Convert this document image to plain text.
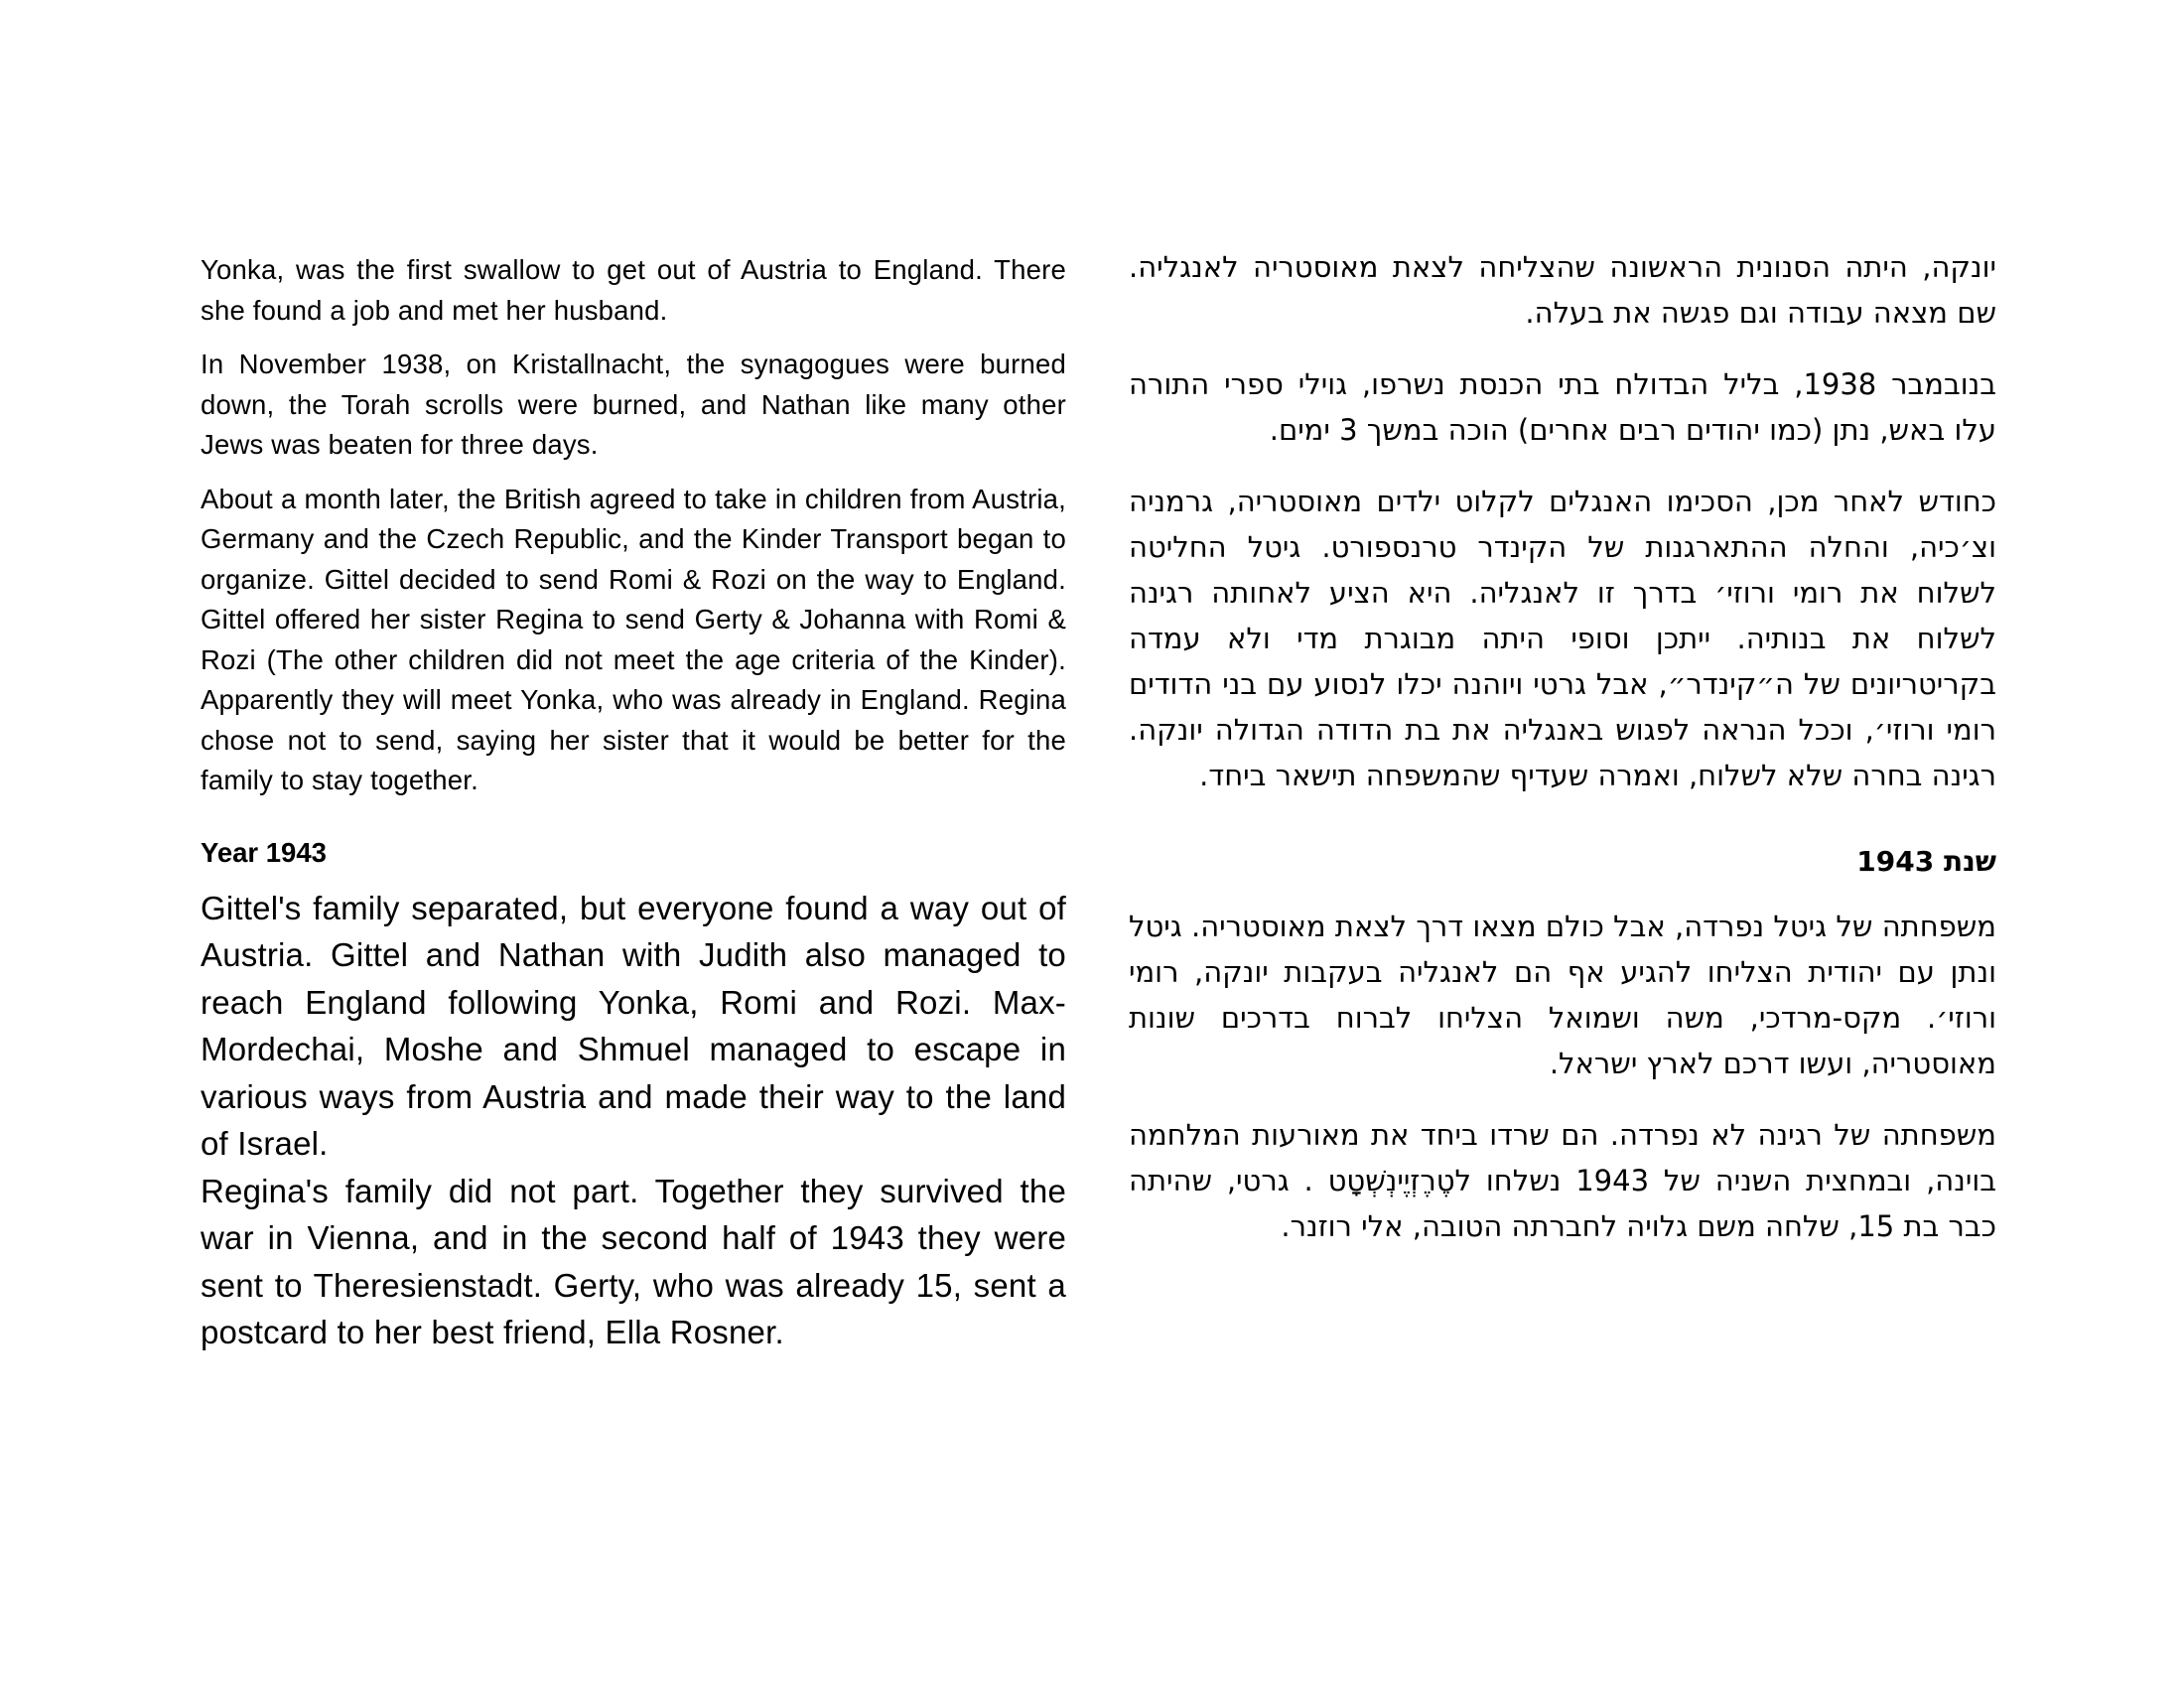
Yonka, was the first swallow to get out of Austria to England. There she found a job and met her husband.

In November 1938, on Kristallnacht, the synagogues were burned down, the Torah scrolls were burned, and Nathan like many other Jews was beaten for three days.

About a month later, the British agreed to take in children from Austria, Germany and the Czech Republic, and the Kinder Transport began to organize. Gittel decided to send Romi & Rozi on the way to England. Gittel offered her sister Regina to send Gerty & Johanna with Romi & Rozi (The other children did not meet the age criteria of the Kinder). Apparently they will meet Yonka, who was already in England. Regina chose not to send, saying her sister that it would be better for the family to stay together.

Year 1943

Gittel's family separated, but everyone found a way out of Austria. Gittel and Nathan with Judith also managed to reach England following Yonka, Romi and Rozi. Max-Mordechai, Moshe and Shmuel managed to escape in various ways from Austria and made their way to the land of Israel.

Regina's family did not part. Together they survived the war in Vienna, and in the second half of 1943 they were sent to Theresienstadt. Gerty, who was already 15, sent a postcard to her best friend, Ella Rosner.

יונקה, היתה הסנונית הראשונה שהצליחה לצאת מאוסטריה לאנגליה. שם מצאה עבודה וגם פגשה את בעלה.

בנובמבר 1938, בליל הבדולח בתי הכנסת נשרפו, גוילי ספרי התורה עלו באש, נתן (כמו יהודים רבים אחרים) הוכה במשך 3 ימים.

כחודש לאחר מכן, הסכימו האנגלים לקלוט ילדים מאוסטריה, גרמניה וצ׳כיה, והחלה ההתארגנות של הקינדר טרנספורט. גיטל החליטה לשלוח את רומי ורוזי׳ בדרך זו לאנגליה. היא הציע לאחותה רגינה לשלוח את בנותיה. ייתכן וסופי היתה מבוגרת מדי ולא עמדה בקריטריונים של ה״קינדר״, אבל גרטי ויוהנה יכלו לנסוע עם בני הדודים רומי ורוזי׳, וככל הנראה לפגוש באנגליה את בת הדודה הגדולה יונקה. רגינה בחרה שלא לשלוח, ואמרה שעדיף שהמשפחה תישאר ביחד.

שנת 1943

משפחתה של גיטל נפרדה, אבל כולם מצאו דרך לצאת מאוסטריה. גיטל ונתן עם יהודית הצליחו להגיע אף הם לאנגליה בעקבות יונקה, רומי ורוזי׳. מקס-מרדכי, משה ושמואל הצליחו לברוח בדרכים שונות מאוסטריה, ועשו דרכם לארץ ישראל.

משפחתה של רגינה לא נפרדה. הם שרדו ביחד את מאורעות המלחמה בוינה, ובמחצית השניה של 1943 נשלחו לטֶרֶזְיֶינְשְׁטָט . גרטי, שהיתה כבר בת 15, שלחה משם גלויה לחברתה הטובה, אלי רוזנר.
